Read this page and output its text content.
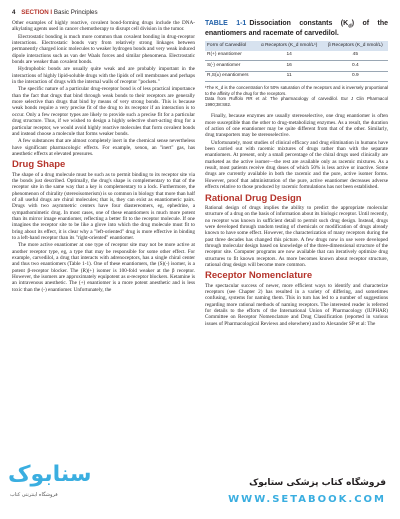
4 SECTION I Basic Principles

Other examples of highly reactive, covalent bond-forming drugs include the DNA-alkylating agents used in cancer chemotherapy to disrupt cell division in the tumor.

Electrostatic bonding is much more common than covalent bonding in drug-receptor interactions. Electrostatic bonds vary from relatively strong linkages between permanently charged ionic molecules to weaker hydrogen bonds and very weak induced dipole interactions such as van der Waals forces and similar phenomena. Electrostatic bonds are weaker than covalent bonds.

Hydrophobic bonds are usually quite weak and are probably important in the interactions of highly lipid-soluble drugs with the lipids of cell membranes and perhaps in the interaction of drugs with the internal walls of receptor "pockets."

The specific nature of a particular drug-receptor bond is of less practical importance than the fact that drugs that bind through weak bonds to their receptors are generally more selective than drugs that bind by means of very strong bonds. This is because weak bonds require a very precise fit of the drug to its receptor if an interaction is to occur. Only a few receptor types are likely to provide such a precise fit for a particular drug structure. Thus, if we wished to design a highly selective short-acting drug for a particular receptor, we would avoid highly reactive molecules that form covalent bonds and instead choose a molecule that forms weaker bonds.

A few substances that are almost completely inert in the chemical sense nevertheless have significant pharmacologic effects. For example, xenon, an "inert" gas, has anesthetic effects at elevated pressures.

Drug Shape

The shape of a drug molecule must be such as to permit binding to its receptor site via the bonds just described. Optimally, the drug's shape is complementary to that of the receptor site in the same way that a key is complementary to a lock. Furthermore, the phenomenon of chirality (stereoisomerism) is so common in biology that more than half of all useful drugs are chiral molecules; that is, they can exist as enantiomeric pairs. Drugs with two asymmetric centers have four diastereomers, eg, ephedrine, a sympathomimetic drug. In most cases, one of these enantiomers is much more potent than its mirror image enantiomer, reflecting a better fit to the receptor molecule. If one imagines the receptor site to be like a glove into which the drug molecule must fit to bring about its effect, it is clear why a "left-oriented" drug is more effective in binding to a left-hand receptor than its "right-oriented" enantiomer.

The more active enantiomer at one type of receptor site may not be more active at another receptor type, eg, a type that may be responsible for some other effect. For example, carvedilol, a drug that interacts with adrenoceptors, has a single chiral center and thus two enantiomers (Table 1-1). One of these enantiomers, the (S)(-) isomer, is a potent β-receptor blocker. The (R)(+) isomer is 100-fold weaker at the β receptor. However, the isomers are approximately equipotent as α-receptor blockers. Ketamine is an intravenous anesthetic. The (+) enantiomer is a more potent anesthetic and is less toxic than the (-) enantiomer. Unfortunately, the

TABLE 1-1 Dissociation constants $(K_d)$ of the enantiomers and racemate of carvedilol.
Form of Carvedilol	α Receptors (K_d nmol/L¹)	β Receptors (K_d nmol/L)
R(+) enantiomer	14	45
S(-) enantiomer	16	0.4
R,S(±) enantiomers	11	0.9
¹The K_d is the concentration for 50% saturation of the receptors and is inversely proportional to the affinity of the drug for the receptors.
Data from Ruffolo RR et al: The pharmacology of carvedilol. Eur J Clin Pharmacol 1990;38:S82.

Finally, because enzymes are usually stereoselective, one drug enantiomer is often more susceptible than the other to drug-metabolizing enzymes. As a result, the duration of action of one enantiomer may be quite different from that of the other. Similarly, drug transporters may be stereoselective.

Unfortunately, most studies of clinical efficacy and drug elimination in humans have been carried out with racemic mixtures of drugs rather than with the separate enantiomers. At present, only a small percentage of the chiral drugs used clinically are marketed as the active isomer—the rest are available only as racemic mixtures. As a result, most patients receive drug doses of which 50% is less active or inactive. Some drugs are currently available in both the racemic and the pure, active isomer forms. However, proof that administration of the pure, active enantiomer decreases adverse effects relative to those produced by racemic formulations has not been established.

Rational Drug Design

Rational design of drugs implies the ability to predict the appropriate molecular structure of a drug on the basis of information about its biologic receptor. Until recently, no receptor was known in sufficient detail to permit such drug design. Instead, drugs were developed through random testing of chemicals or modification of drugs already known to have some effect. However, the characterization of many receptors during the past three decades has changed this picture. A few drugs now in use were developed through molecular design based on knowledge of the three-dimensional structure of the receptor site. Computer programs are now available that can iteratively optimize drug structures to fit known receptors. As more becomes known about receptor structure, rational drug design will become more common.

Receptor Nomenclature

The spectacular success of newer, more efficient ways to identify and characterize receptors (see Chapter 2) has resulted in a variety of differing, and sometimes confusing, systems for naming them. This in turn has led to a number of suggestions regarding more rational methods of naming receptors. The interested reader is referred for details to the efforts of the International Union of Pharmacology (IUPHAR) Committee on Receptor Nomenclature and Drug Classification (reported in various issues of Pharmacological Reviews and elsewhere) and to Alexander SP et al: The

سنابوک
فروشگاه اینترنتی کتاب
فروشگاه کتاب پزشکی ستابوک
WWW.SETABOOK.COM
